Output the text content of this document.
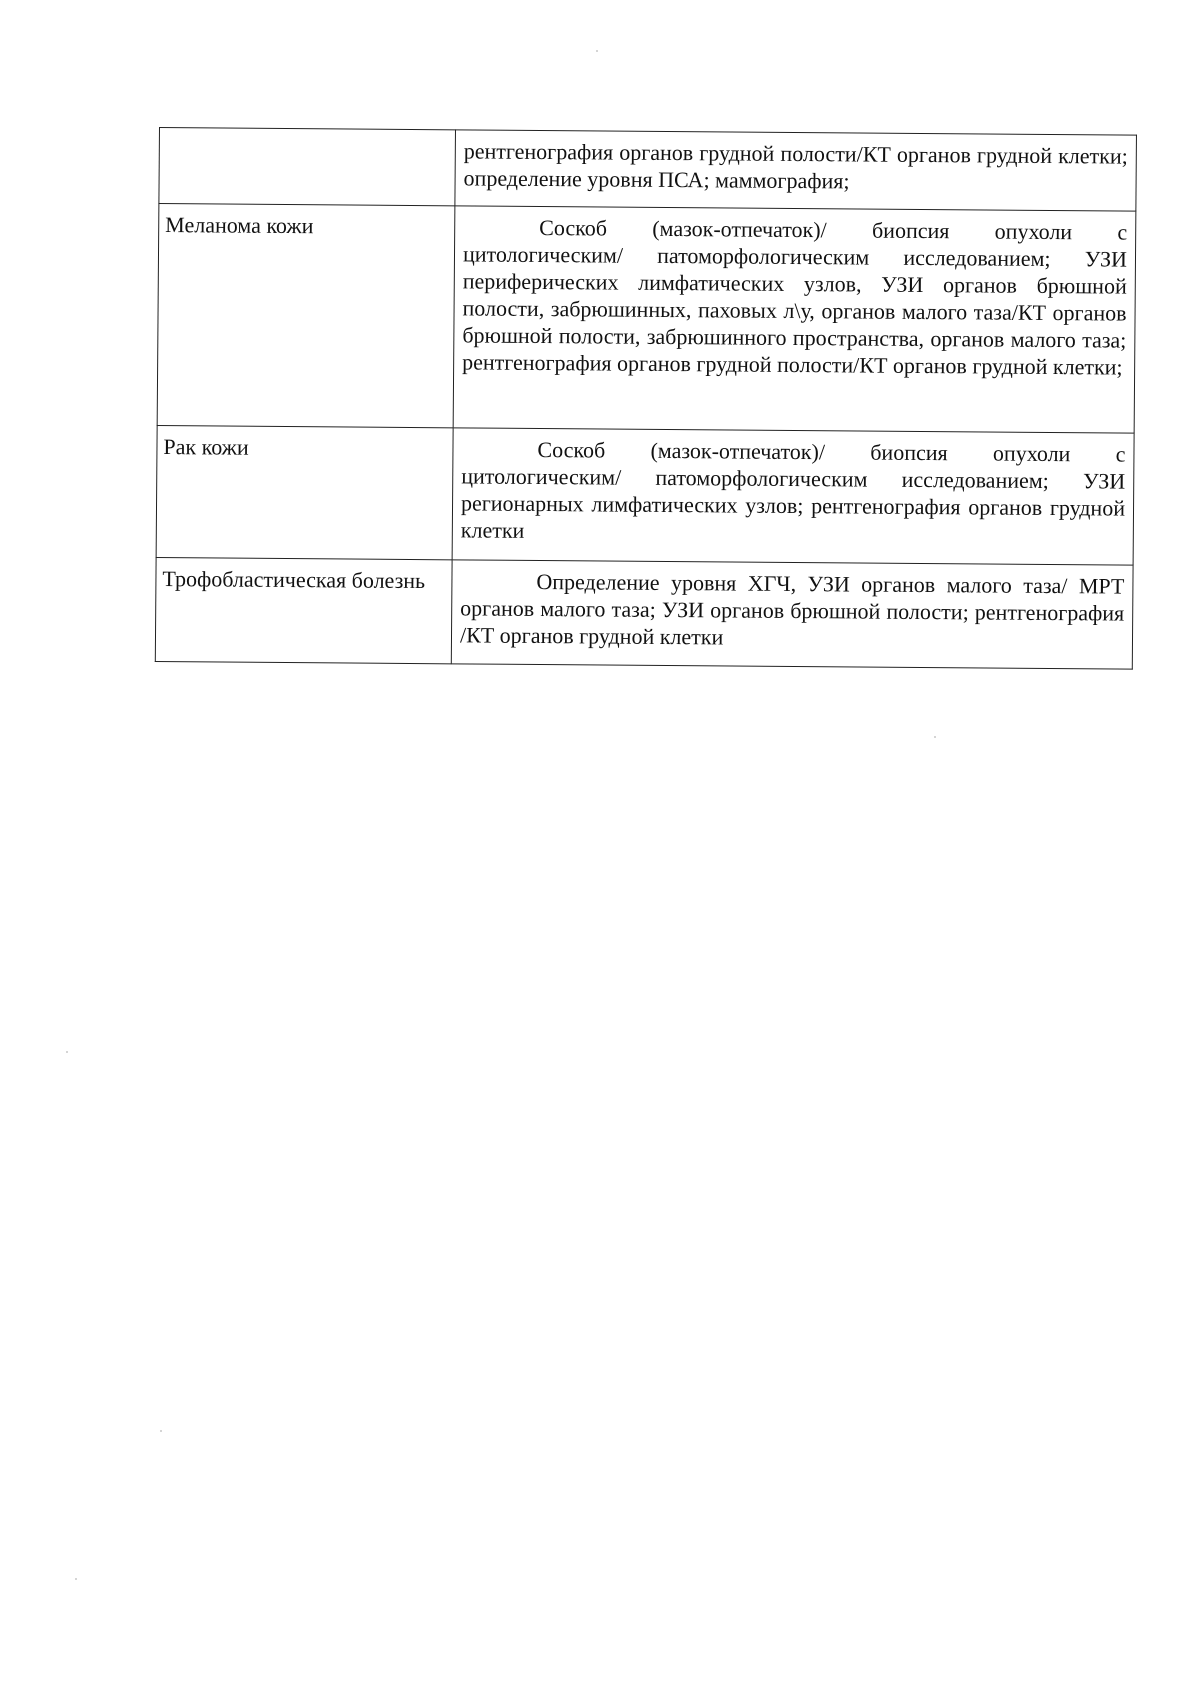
	рентгенография органов грудной полости/КТ органов грудной клетки; определение уровня ПСА; маммография;
Меланома кожи	Соскоб (мазок-отпечаток)/ биопсия опухоли с цитологическим/ патоморфологическим исследованием; УЗИ периферических лимфатических узлов, УЗИ органов брюшной полости, забрюшинных, паховых л\у, органов малого таза/КТ органов брюшной полости, забрюшинного пространства, органов малого таза; рентгенография органов грудной полости/КТ органов грудной клетки;
Рак кожи	Соскоб (мазок-отпечаток)/ биопсия опухоли с цитологическим/ патоморфологическим исследованием; УЗИ регионарных лимфатических узлов; рентгенография органов грудной клетки
Трофобластическая болезнь	Определение уровня ХГЧ, УЗИ органов малого таза/ МРТ органов малого таза; УЗИ органов брюшной полости; рентгенография /КТ органов грудной клетки
